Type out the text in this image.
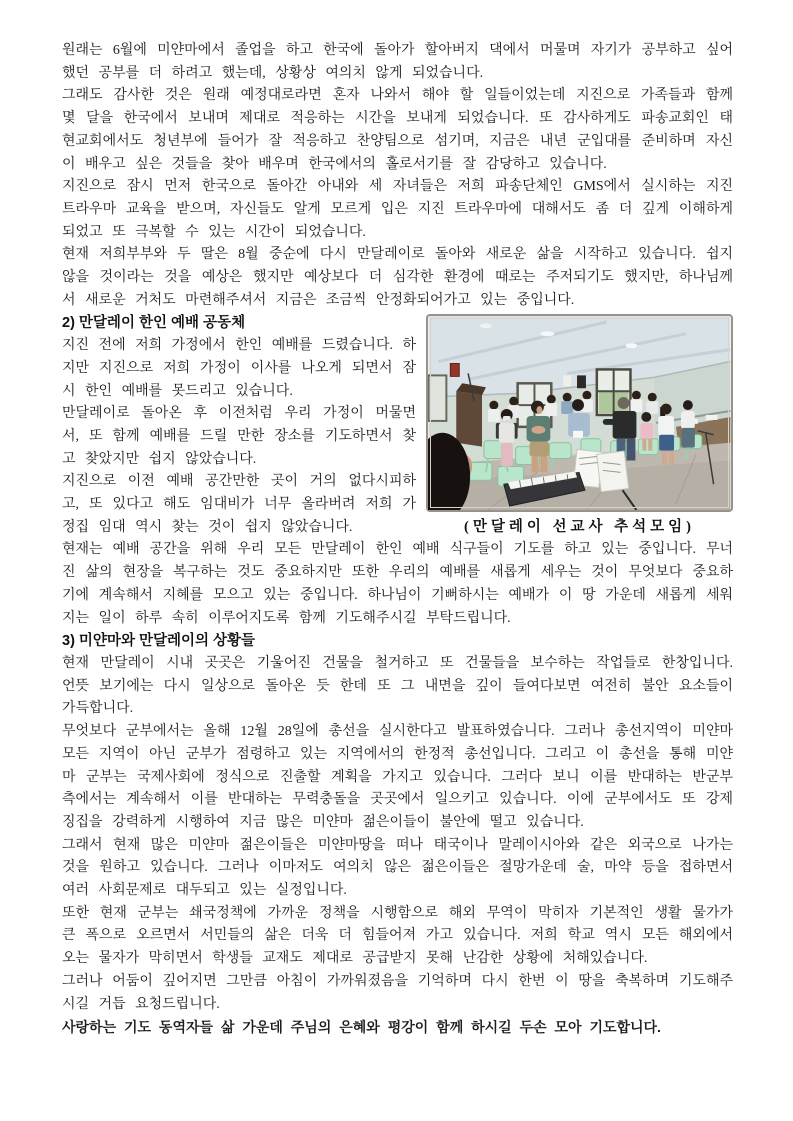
원래는 6월에 미얀마에서 졸업을 하고 한국에 돌아가 할아버지 댁에서 머물며 자기가 공부하고 싶어했던 공부를 더 하려고 했는데, 상황상 여의치 않게 되었습니다.

그래도 감사한 것은 원래 예정대로라면 혼자 나와서 해야 할 일들이었는데 지진으로 가족들과 함께 몇 달을 한국에서 보내며 제대로 적응하는 시간을 보내게 되었습니다. 또 감사하게도 파송교회인 태현교회에서도 청년부에 들어가 잘 적응하고 찬양팀으로 섬기며, 지금은 내년 군입대를 준비하며 자신이 배우고 싶은 것들을 찾아 배우며 한국에서의 홀로서기를 잘 감당하고 있습니다.

지진으로 잠시 먼저 한국으로 돌아간 아내와 세 자녀들은 저희 파송단체인 GMS에서 실시하는 지진 트라우마 교육을 받으며, 자신들도 알게 모르게 입은 지진 트라우마에 대해서도 좀 더 깊게 이해하게 되었고 또 극복할 수 있는 시간이 되었습니다.

현재 저희부부와 두 딸은 8월 중순에 다시 만달레이로 돌아와 새로운 삶을 시작하고 있습니다. 쉽지 않을 것이라는 것을 예상은 했지만 예상보다 더 심각한 환경에 때로는 주저되기도 했지만, 하나님께서 새로운 거처도 마련해주셔서 지금은 조금씩 안정화되어가고 있는 중입니다.

(만달레이 선교사 추석모임)
2) 만달레이 한인 예배 공동체

지진 전에 저희 가정에서 한인 예배를 드렸습니다. 하지만 지진으로 저희 가정이 이사를 나오게 되면서 잠시 한인 예배를 못드리고 있습니다.

만달레이로 돌아온 후 이전처럼 우리 가정이 머물면서, 또 함께 예배를 드릴 만한 장소를 기도하면서 찾고 찾았지만 쉽지 않았습니다.

지진으로 이전 예배 공간만한 곳이 거의 없다시피하고, 또 있다고 해도 임대비가 너무 올라버려 저희 가정집 임대 역시 찾는 것이 쉽지 않았습니다.

현재는 예배 공간을 위해 우리 모든 만달레이 한인 예배 식구들이 기도를 하고 있는 중입니다. 무너진 삶의 현장을 복구하는 것도 중요하지만 또한 우리의 예배를 새롭게 세우는 것이 무엇보다 중요하기에 계속해서 지혜를 모으고 있는 중입니다. 하나님이 기뻐하시는 예배가 이 땅 가운데 새롭게 세워지는 일이 하루 속히 이루어지도록 함께 기도해주시길 부탁드립니다.

3) 미얀마와 만달레이의 상황들

현재 만달레이 시내 곳곳은 기울어진 건물을 철거하고 또 건물들을 보수하는 작업들로 한창입니다. 언뜻 보기에는 다시 일상으로 돌아온 듯 한데 또 그 내면을 깊이 들여다보면 여전히 불안 요소들이 가득합니다.

무엇보다 군부에서는 올해 12월 28일에 총선을 실시한다고 발표하였습니다. 그러나 총선지역이 미얀마 모든 지역이 아닌 군부가 점령하고 있는 지역에서의 한정적 총선입니다. 그리고 이 총선을 통해 미얀마 군부는 국제사회에 정식으로 진출할 계획을 가지고 있습니다. 그러다 보니 이를 반대하는 반군부측에서는 계속해서 이를 반대하는 무력충돌을 곳곳에서 일으키고 있습니다. 이에 군부에서도 또 강제징집을 강력하게 시행하여 지금 많은 미얀마 젊은이들이 불안에 떨고 있습니다.

그래서 현재 많은 미얀마 젊은이들은 미얀마땅을 떠나 태국이나 말레이시아와 같은 외국으로 나가는 것을 원하고 있습니다. 그러나 이마저도 여의치 않은 젊은이들은 절망가운데 술, 마약 등을 접하면서 여러 사회문제로 대두되고 있는 실정입니다.

또한 현재 군부는 쇄국정책에 가까운 정책을 시행함으로 해외 무역이 막히자 기본적인 생활 물가가 큰 폭으로 오르면서 서민들의 삶은 더욱 더 힘들어져 가고 있습니다. 저희 학교 역시 모든 해외에서 오는 물자가 막히면서 학생들 교재도 제대로 공급받지 못해 난감한 상황에 처해있습니다.

그러나 어둠이 깊어지면 그만큼 아침이 가까워졌음을 기억하며 다시 한번 이 땅을 축복하며 기도해주시길 거듭 요청드립니다.

사랑하는 기도 동역자들 삶 가운데 주님의 은혜와 평강이 함께 하시길 두손 모아 기도합니다.
